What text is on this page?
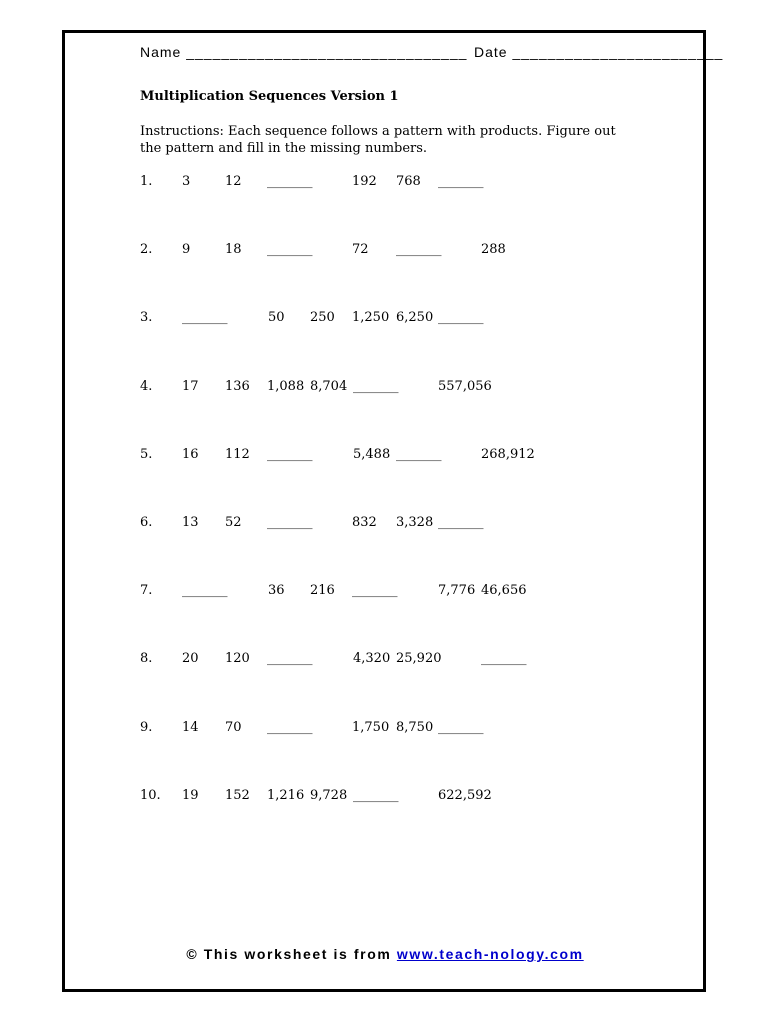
Name ________________________________ Date ________________________
Multiplication Sequences Version 1
Instructions: Each sequence follows a pattern with products. Figure out the pattern and fill in the missing numbers.
1. 3	12 _______	192 768 _______
2. 9	18 _______	72 _______	288
3. _______	50 250 1,250 6,250 _______
4. 17 136 1,088 8,704 _______	557,056
5. 16 112 _______	5,488 _______	268,912
6. 13 52 _______	832 3,328 _______
7. _______	36 216 _______	7,776 46,656
8. 20 120 _______	4,320 25,920	_______
9. 14 70 _______	1,750 8,750 _______
10. 19 152 1,216 9,728 _______	622,592
© This worksheet is from www.teach-nology.com
